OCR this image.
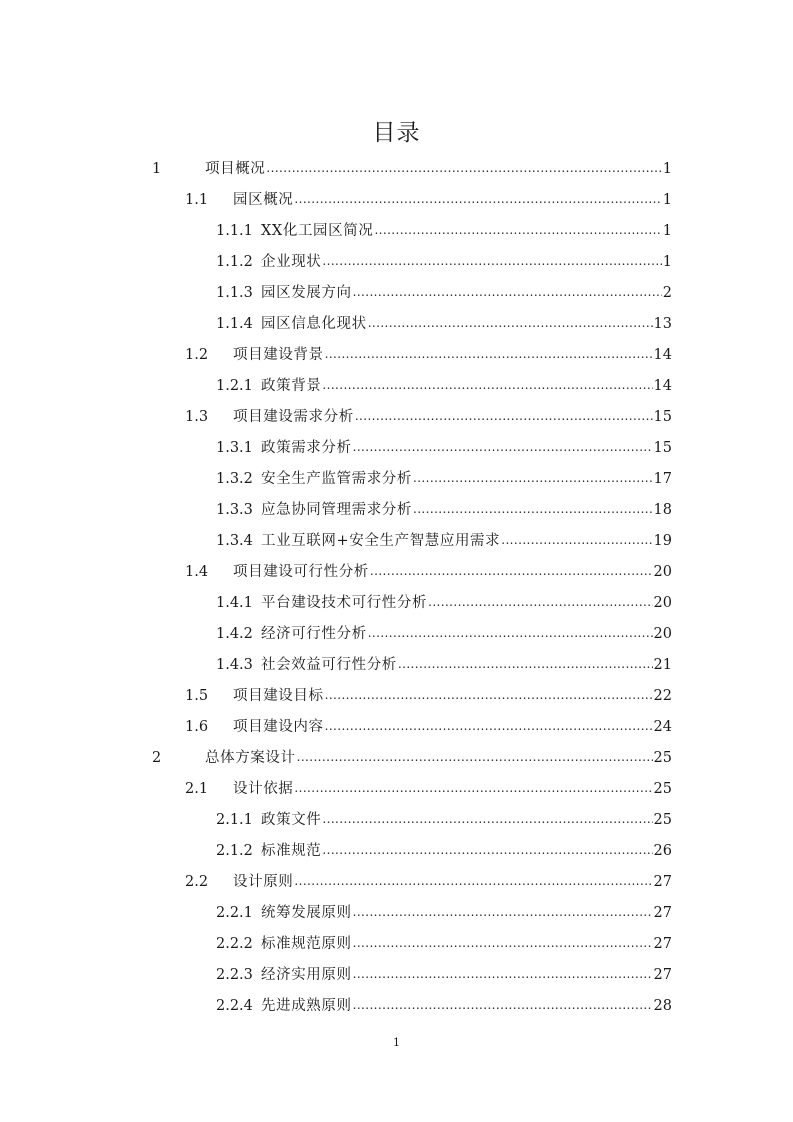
目录
1	项目概况 .....	1
1.1 园区概况 .....	1
1.1.1 XX化工园区简况 .....	1
1.1.2 企业现状 .....	1
1.1.3 园区发展方向 .....	2
1.1.4 园区信息化现状 .....	13
1.2 项目建设背景 .....	14
1.2.1 政策背景 .....	14
1.3 项目建设需求分析 .....	15
1.3.1 政策需求分析 .....	15
1.3.2 安全生产监管需求分析 .....	17
1.3.3 应急协同管理需求分析 .....	18
1.3.4 工业互联网+安全生产智慧应用需求 .....	19
1.4 项目建设可行性分析 .....	20
1.4.1 平台建设技术可行性分析 .....	20
1.4.2 经济可行性分析 .....	20
1.4.3 社会效益可行性分析 .....	21
1.5 项目建设目标 .....	22
1.6 项目建设内容 .....	24
2	总体方案设计 .....	25
2.1 设计依据 .....	25
2.1.1 政策文件 .....	25
2.1.2 标准规范 .....	26
2.2 设计原则 .....	27
2.2.1 统筹发展原则 .....	27
2.2.2 标准规范原则 .....	27
2.2.3 经济实用原则 .....	27
2.2.4 先进成熟原则 .....	28
1
